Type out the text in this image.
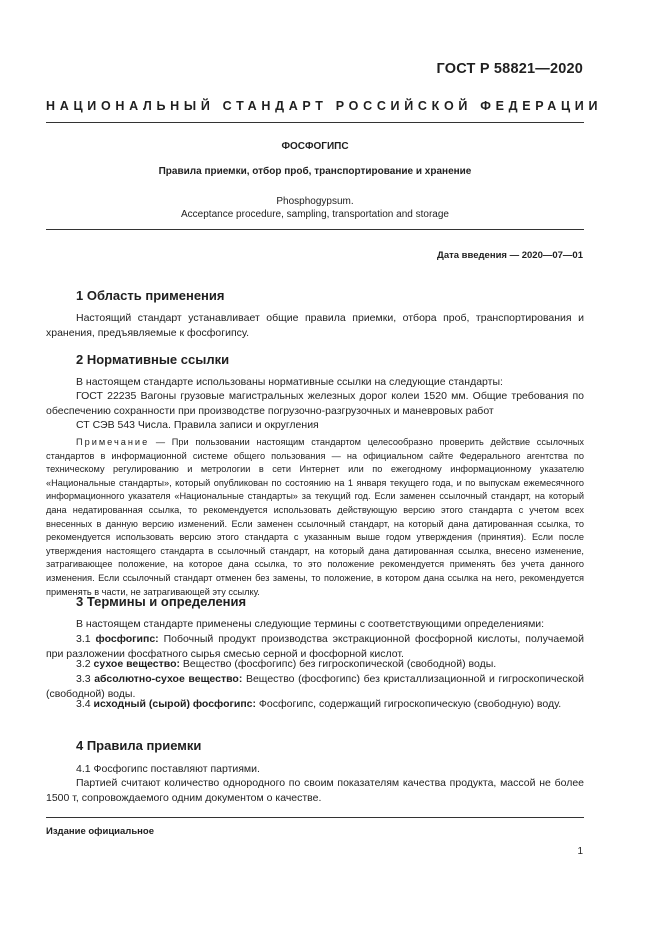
ГОСТ Р 58821—2020
НАЦИОНАЛЬНЫЙ СТАНДАРТ РОССИЙСКОЙ ФЕДЕРАЦИИ
ФОСФОГИПС
Правила приемки, отбор проб, транспортирование и хранение
Phosphogypsum.
Acceptance procedure, sampling, transportation and storage
Дата введения — 2020—07—01
1 Область применения
Настоящий стандарт устанавливает общие правила приемки, отбора проб, транспортирования и хранения, предъявляемые к фосфогипсу.
2 Нормативные ссылки
В настоящем стандарте использованы нормативные ссылки на следующие стандарты:
ГОСТ 22235 Вагоны грузовые магистральных железных дорог колеи 1520 мм. Общие требования по обеспечению сохранности при производстве погрузочно-разгрузочных и маневровых работ
СТ СЭВ 543 Числа. Правила записи и округления
Примечание — При пользовании настоящим стандартом целесообразно проверить действие ссылочных стандартов в информационной системе общего пользования — на официальном сайте Федерального агентства по техническому регулированию и метрологии в сети Интернет или по ежегодному информационному указателю «Национальные стандарты», который опубликован по состоянию на 1 января текущего года, и по выпускам ежемесячного информационного указателя «Национальные стандарты» за текущий год. Если заменен ссылочный стандарт, на который дана недатированная ссылка, то рекомендуется использовать действующую версию этого стандарта с учетом всех внесенных в данную версию изменений. Если заменен ссылочный стандарт, на который дана датированная ссылка, то рекомендуется использовать версию этого стандарта с указанным выше годом утверждения (принятия). Если после утверждения настоящего стандарта в ссылочный стандарт, на который дана датированная ссылка, внесено изменение, затрагивающее положение, на которое дана ссылка, то это положение рекомендуется применять без учета данного изменения. Если ссылочный стандарт отменен без замены, то положение, в котором дана ссылка на него, рекомендуется применять в части, не затрагивающей эту ссылку.
3 Термины и определения
В настоящем стандарте применены следующие термины с соответствующими определениями:
3.1 фосфогипс: Побочный продукт производства экстракционной фосфорной кислоты, получаемой при разложении фосфатного сырья смесью серной и фосфорной кислот.
3.2 сухое вещество: Вещество (фосфогипс) без гигроскопической (свободной) воды.
3.3 абсолютно-сухое вещество: Вещество (фосфогипс) без кристаллизационной и гигроскопической (свободной) воды.
3.4 исходный (сырой) фосфогипс: Фосфогипс, содержащий гигроскопическую (свободную) воду.
4 Правила приемки
4.1 Фосфогипс поставляют партиями.
Партией считают количество однородного по своим показателям качества продукта, массой не более 1500 т, сопровождаемого одним документом о качестве.
Издание официальное
1
